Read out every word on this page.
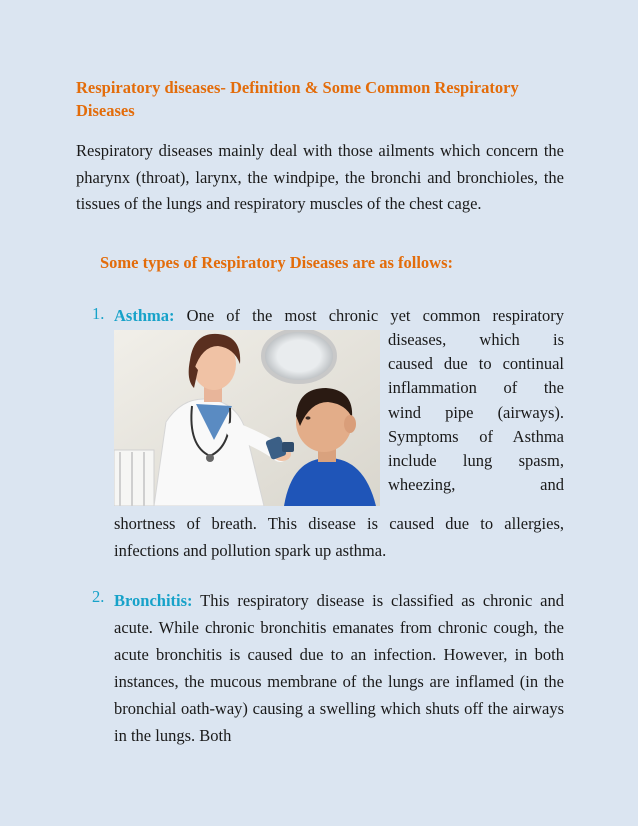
Respiratory diseases- Definition & Some Common Respiratory Diseases

Respiratory diseases mainly deal with those ailments which concern the pharynx (throat), larynx, the windpipe, the bronchi and bronchioles, the tissues of the lungs and respiratory muscles of the chest cage.

Some types of Respiratory Diseases are as follows:
1. Asthma: One of the most chronic yet common respiratory

diseases, which is
caused due to continual
inflammation of the
wind pipe (airways).
Symptoms of Asthma
include lung spasm,
wheezing, and

shortness of breath. This disease is caused due to allergies, infections and pollution spark up asthma.

2. Bronchitis: This respiratory disease is classified as chronic and acute. While chronic bronchitis emanates from chronic cough, the acute bronchitis is caused due to an infection. However, in both instances, the mucous membrane of the lungs are inflamed (in the bronchial oath-way) causing a swelling which shuts off the airways in the lungs. Both
